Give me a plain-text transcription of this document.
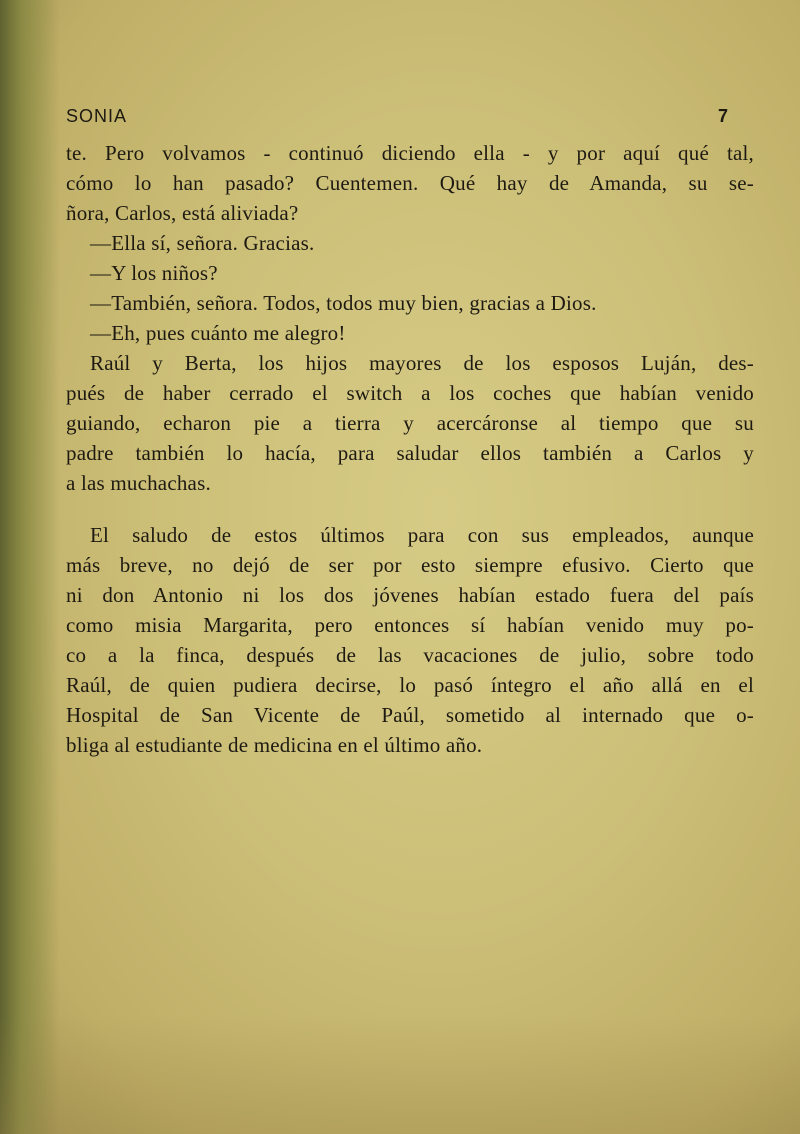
SONIA	7

te. Pero volvamos - continuó diciendo ella - y por aquí qué tal,
cómo lo han pasado? Cuentemen. Qué hay de Amanda, su se-
ñora, Carlos, está aliviada?

—Ella sí, señora. Gracias.

—Y los niños?

—También, señora. Todos, todos muy bien, gracias a Dios.

—Eh, pues cuánto me alegro!

Raúl y Berta, los hijos mayores de los esposos Luján, des-
pués de haber cerrado el switch a los coches que habían venido
guiando, echaron pie a tierra y acercáronse al tiempo que su
padre también lo hacía, para saludar ellos también a Carlos y
a las muchachas.

El saludo de estos últimos para con sus empleados, aunque
más breve, no dejó de ser por esto siempre efusivo. Cierto que
ni don Antonio ni los dos jóvenes habían estado fuera del país
como misia Margarita, pero entonces sí habían venido muy po-
co a la finca, después de las vacaciones de julio, sobre todo
Raúl, de quien pudiera decirse, lo pasó íntegro el año allá en el
Hospital de San Vicente de Paúl, sometido al internado que o-
bliga al estudiante de medicina en el último año.
